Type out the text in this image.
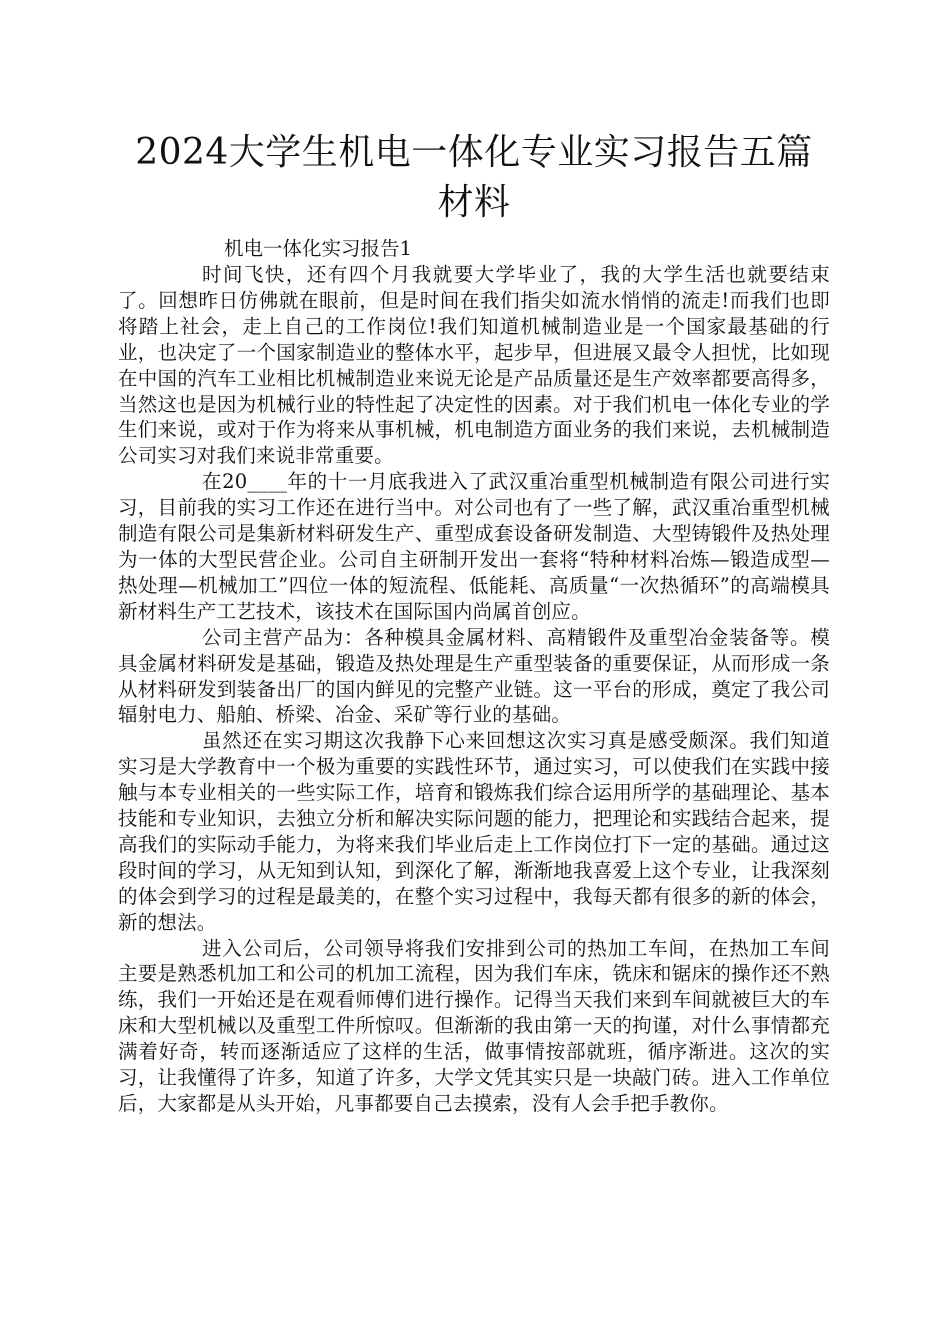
2024大学生机电一体化专业实习报告五篇材料
机电一体化实习报告1

时间飞快，还有四个月我就要大学毕业了，我的大学生活也就要结束了。回想昨日仿佛就在眼前，但是时间在我们指尖如流水悄悄的流走!而我们也即将踏上社会，走上自己的工作岗位!我们知道机械制造业是一个国家最基础的行业，也决定了一个国家制造业的整体水平，起步早，但进展又最令人担忧，比如现在中国的汽车工业相比机械制造业来说无论是产品质量还是生产效率都要高得多，当然这也是因为机械行业的特性起了决定性的因素。对于我们机电一体化专业的学生们来说，或对于作为将来从事机械，机电制造方面业务的我们来说，去机械制造公司实习对我们来说非常重要。

在20____年的十一月底我进入了武汉重冶重型机械制造有限公司进行实习，目前我的实习工作还在进行当中。对公司也有了一些了解，武汉重冶重型机械制造有限公司是集新材料研发生产、重型成套设备研发制造、大型铸锻件及热处理为一体的大型民营企业。公司自主研制开发出一套将“特种材料冶炼—锻造成型—热处理—机械加工”四位一体的短流程、低能耗、高质量“一次热循环”的高端模具新材料生产工艺技术，该技术在国际国内尚属首创应。

公司主营产品为：各种模具金属材料、高精锻件及重型冶金装备等。模具金属材料研发是基础，锻造及热处理是生产重型装备的重要保证，从而形成一条从材料研发到装备出厂的国内鲜见的完整产业链。这一平台的形成，奠定了我公司辐射电力、船舶、桥梁、冶金、采矿等行业的基础。

虽然还在实习期这次我静下心来回想这次实习真是感受颇深。我们知道实习是大学教育中一个极为重要的实践性环节，通过实习，可以使我们在实践中接触与本专业相关的一些实际工作，培育和锻炼我们综合运用所学的基础理论、基本技能和专业知识，去独立分析和解决实际问题的能力，把理论和实践结合起来，提高我们的实际动手能力，为将来我们毕业后走上工作岗位打下一定的基础。通过这段时间的学习，从无知到认知，到深化了解，渐渐地我喜爱上这个专业，让我深刻的体会到学习的过程是最美的，在整个实习过程中，我每天都有很多的新的体会，新的想法。

进入公司后，公司领导将我们安排到公司的热加工车间，在热加工车间主要是熟悉机加工和公司的机加工流程，因为我们车床，铣床和锯床的操作还不熟练，我们一开始还是在观看师傅们进行操作。记得当天我们来到车间就被巨大的车床和大型机械以及重型工件所惊叹。但渐渐的我由第一天的拘谨，对什么事情都充满着好奇，转而逐渐适应了这样的生活，做事情按部就班，循序渐进。这次的实习，让我懂得了许多，知道了许多，大学文凭其实只是一块敲门砖。进入工作单位后，大家都是从头开始，凡事都要自己去摸索，没有人会手把手教你。
